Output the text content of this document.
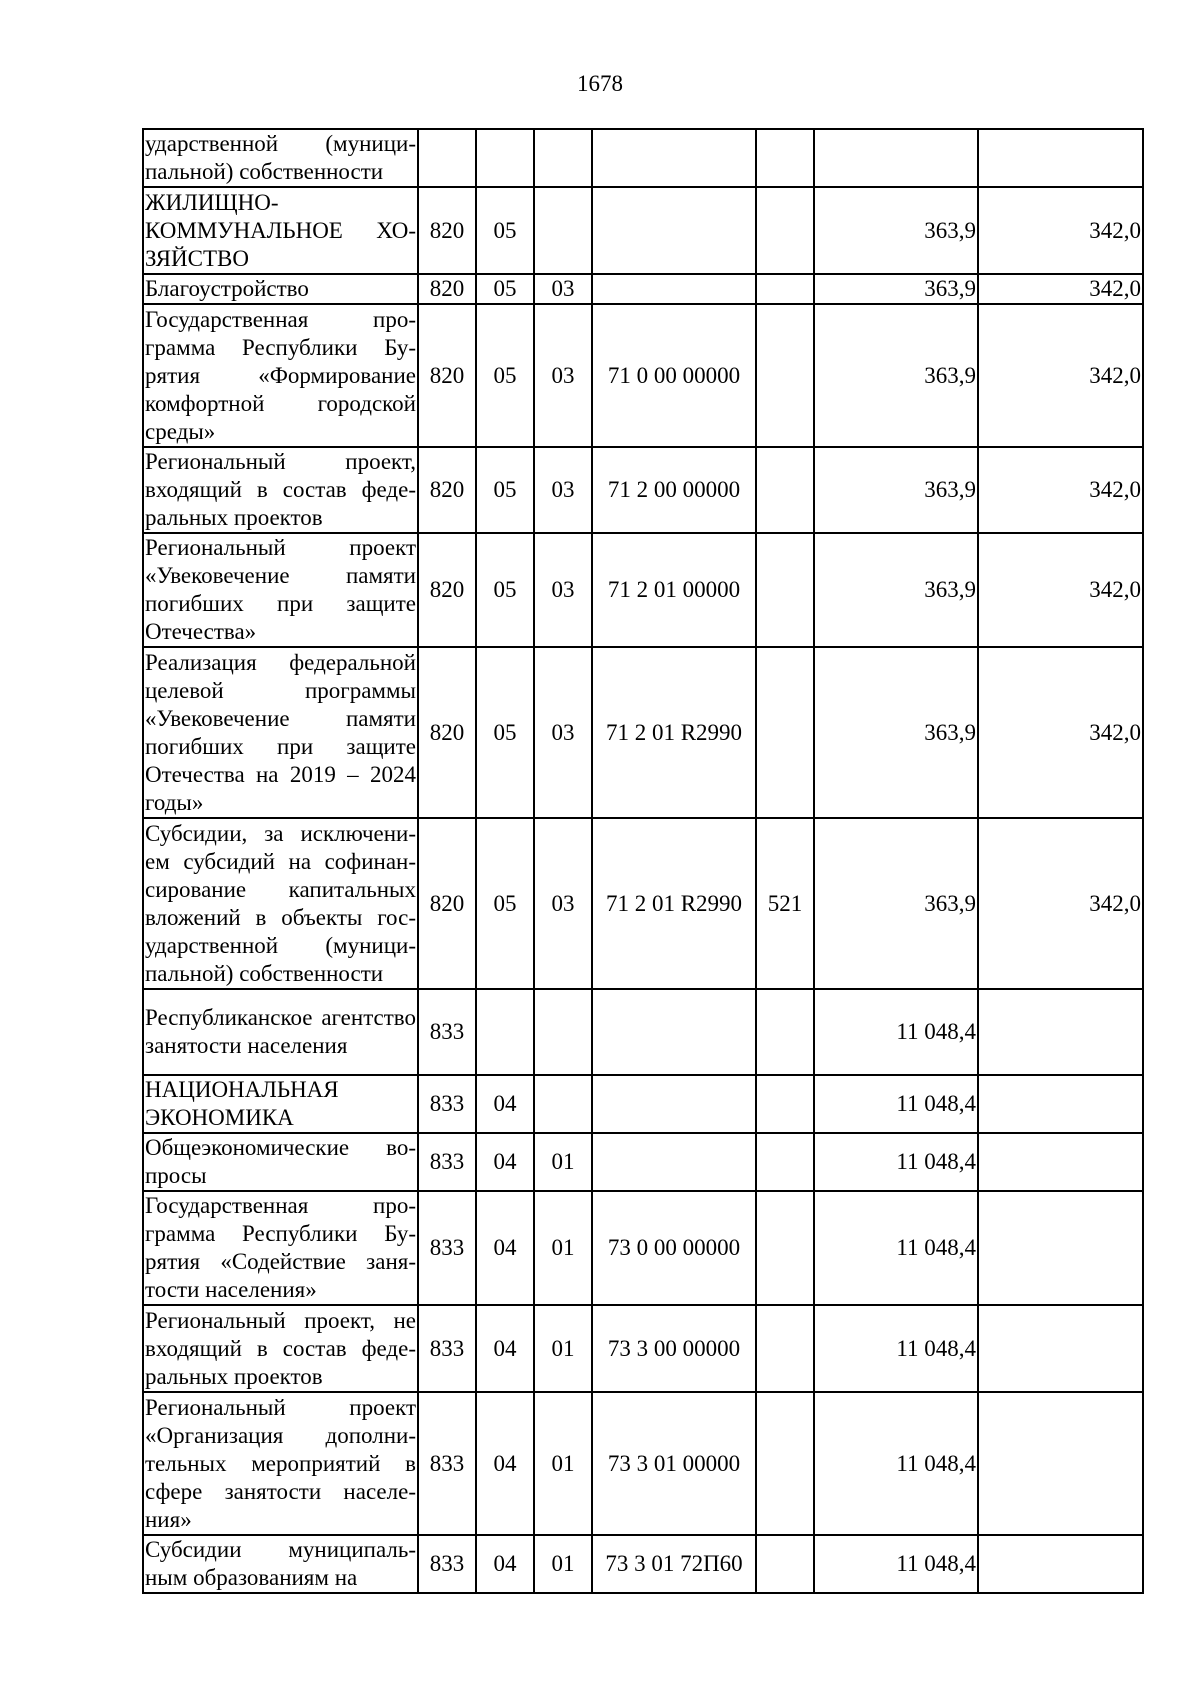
1678
ударственной (муници-пальной) собственности							
ЖИЛИЩНО-КОММУНАЛЬНОЕ ХО-ЗЯЙСТВО	820	05				363,9	342,0
Благоустройство	820	05	03			363,9	342,0
Государственная про-грамма Республики Бу-рятия «Формирование комфортной городской среды»	820	05	03	71 0 00 00000		363,9	342,0
Региональный проект, входящий в состав феде-ральных проектов	820	05	03	71 2 00 00000		363,9	342,0
Региональный проект «Увековечение памяти погибших при защите Отечества»	820	05	03	71 2 01 00000		363,9	342,0
Реализация федеральной целевой программы «Увековечение памяти погибших при защите Отечества на 2019 – 2024 годы»	820	05	03	71 2 01 R2990		363,9	342,0
Субсидии, за исключени-ем субсидий на софинан-сирование капитальных вложений в объекты гос-ударственной (муници-пальной) собственности	820	05	03	71 2 01 R2990	521	363,9	342,0
Республиканское агентство занятости населения	833					11 048,4	
НАЦИОНАЛЬНАЯ ЭКОНОМИКА	833	04				11 048,4	
Общеэкономические во-просы	833	04	01			11 048,4	
Государственная про-грамма Республики Бу-рятия «Содействие заня-тости населения»	833	04	01	73 0 00 00000		11 048,4	
Региональный проект, не входящий в состав феде-ральных проектов	833	04	01	73 3 00 00000		11 048,4	
Региональный проект «Организация дополни-тельных мероприятий в сфере занятости населе-ния»	833	04	01	73 3 01 00000		11 048,4	
Субсидии муниципаль-ным образованиям на	833	04	01	73 3 01 72П60		11 048,4	
